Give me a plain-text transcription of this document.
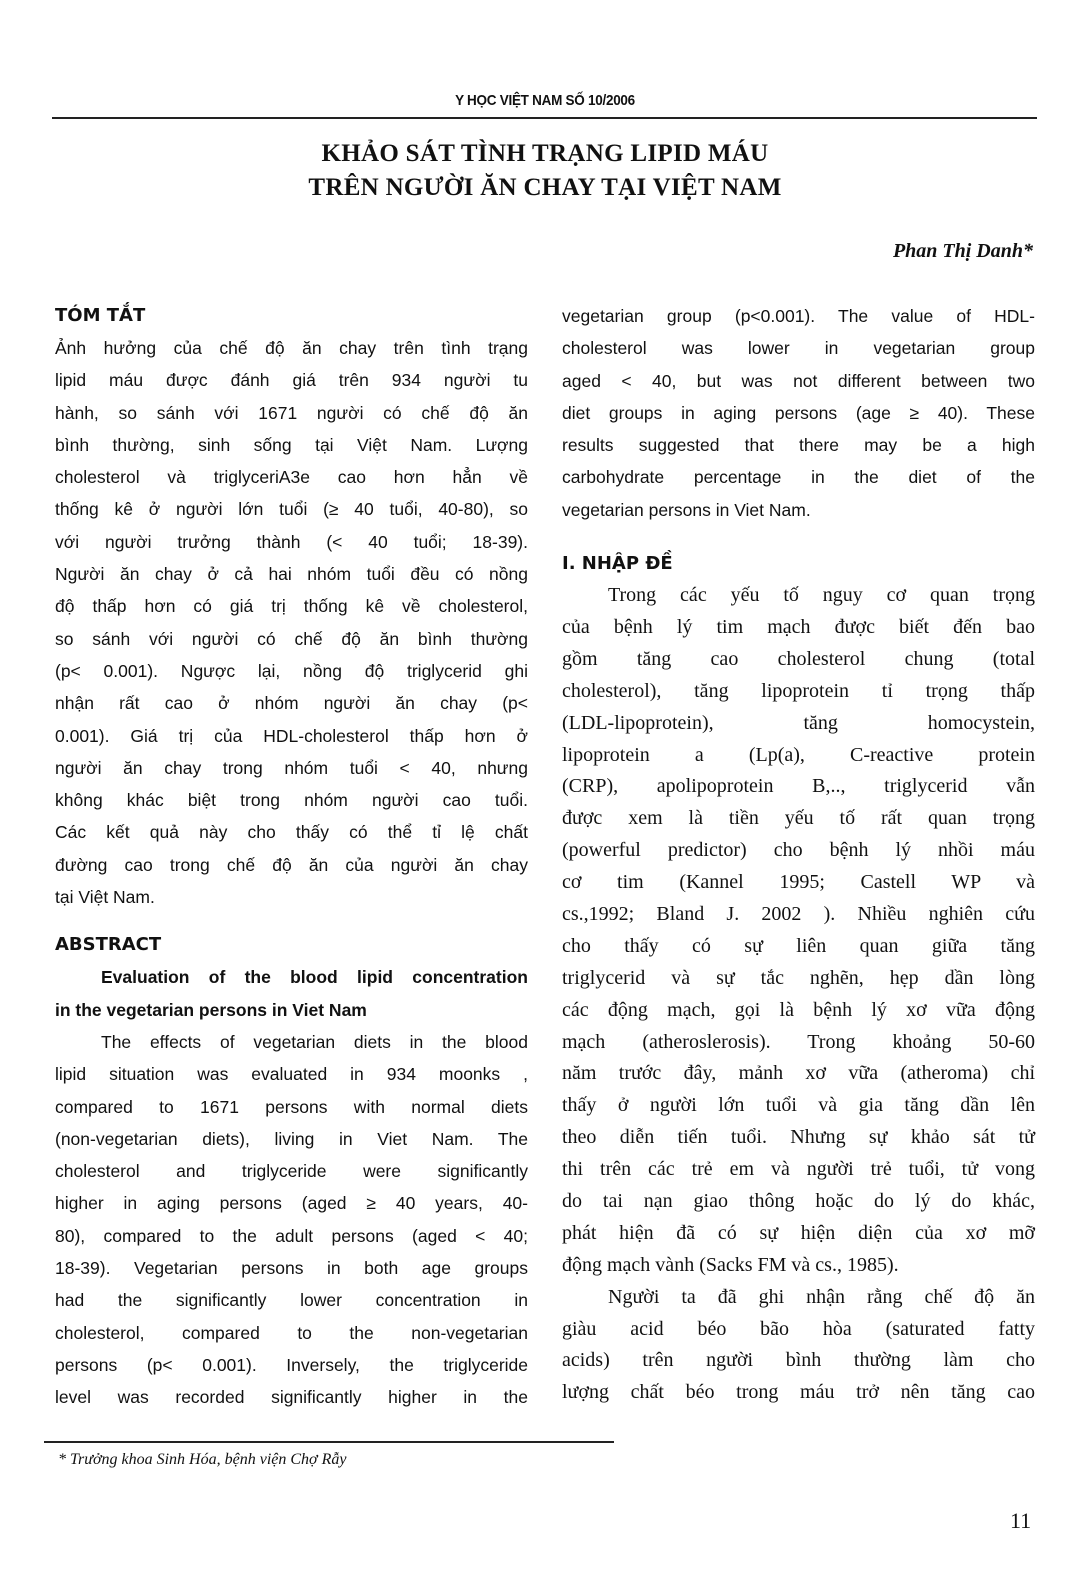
Y HỌC VIỆT NAM SỐ 10/2006
KHẢO SÁT TÌNH TRẠNG LIPID MÁU
TRÊN NGƯỜI ĂN CHAY TẠI VIỆT NAM
Phan Thị Danh*
TÓM TẮT
Ảnh hưởng của chế độ ăn chay trên tình trạng
lipid máu được đánh giá trên 934 người tu
hành, so sánh với 1671 người có chế độ ăn
bình thường, sinh sống tại Việt Nam. Lượng
cholesterol và triglyceriA3e cao hơn hẳn về
thống kê ở người lớn tuổi (≥ 40 tuổi, 40-80), so
với người trưởng thành (< 40 tuổi; 18-39).
Người ăn chay ở cả hai nhóm tuổi đều có nồng
độ thấp hơn có giá trị thống kê về cholesterol,
so sánh với người có chế độ ăn bình thường
(p< 0.001). Ngược lại, nồng độ triglycerid ghi
nhận rất cao ở nhóm người ăn chay (p<
0.001). Giá trị của HDL-cholesterol thấp hơn ở
người ăn chay trong nhóm tuổi < 40, nhưng
không khác biệt trong nhóm người cao tuổi.
Các kết quả này cho thấy có thể tỉ lệ chất
đường cao trong chế độ ăn của người ăn chay
tại Việt Nam.
ABSTRACT
Evaluation of the blood lipid concentration
in the vegetarian persons in Viet Nam
The effects of vegetarian diets in the blood
lipid situation was evaluated in 934 moonks ,
compared to 1671 persons with normal diets
(non-vegetarian diets), living in Viet Nam. The
cholesterol and triglyceride were significantly
higher in aging persons (aged ≥ 40 years, 40-
80), compared to the adult persons (aged < 40;
18-39). Vegetarian persons in both age groups
had the significantly lower concentration in
cholesterol, compared to the non-vegetarian
persons (p< 0.001). Inversely, the triglyceride
level was recorded significantly higher in the
vegetarian group (p<0.001). The value of HDL-
cholesterol was lower in vegetarian group
aged < 40, but was not different between two
diet groups in aging persons (age ≥ 40). These
results suggested that there may be a high
carbohydrate percentage in the diet of the
vegetarian persons in Viet Nam.
I. NHẬP ĐỀ
Trong các yếu tố nguy cơ quan trọng
của bệnh lý tim mạch được biết đến bao
gồm tăng cao cholesterol chung (total
cholesterol), tăng lipoprotein tỉ trọng thấp
(LDL-lipoprotein), tăng homocystein,
lipoprotein a (Lp(a), C-reactive protein
(CRP), apolipoprotein B,.., triglycerid vẫn
được xem là tiền yếu tố rất quan trọng
(powerful predictor) cho bệnh lý nhồi máu
cơ tim (Kannel 1995; Castell WP và
cs.,1992; Bland J. 2002 ). Nhiều nghiên cứu
cho thấy có sự liên quan giữa tăng
triglycerid và sự tắc nghẽn, hẹp dần lòng
các động mạch, gọi là bệnh lý xơ vữa động
mạch (atheroslerosis). Trong khoảng 50-60
năm trước đây, mảnh xơ vữa (atheroma) chỉ
thấy ở người lớn tuổi và gia tăng dần lên
theo diễn tiến tuổi. Nhưng sự khảo sát tử
thi trên các trẻ em và người trẻ tuổi, tử vong
do tai nạn giao thông hoặc do lý do khác,
phát hiện đã có sự hiện diện của xơ mỡ
động mạch vành (Sacks FM và cs., 1985).
Người ta đã ghi nhận rằng chế độ ăn
giàu acid béo bão hòa (saturated fatty
acids) trên người bình thường làm cho
lượng chất béo trong máu trở nên tăng cao
* Trưởng khoa Sinh Hóa, bệnh viện Chợ Rẫy
11
